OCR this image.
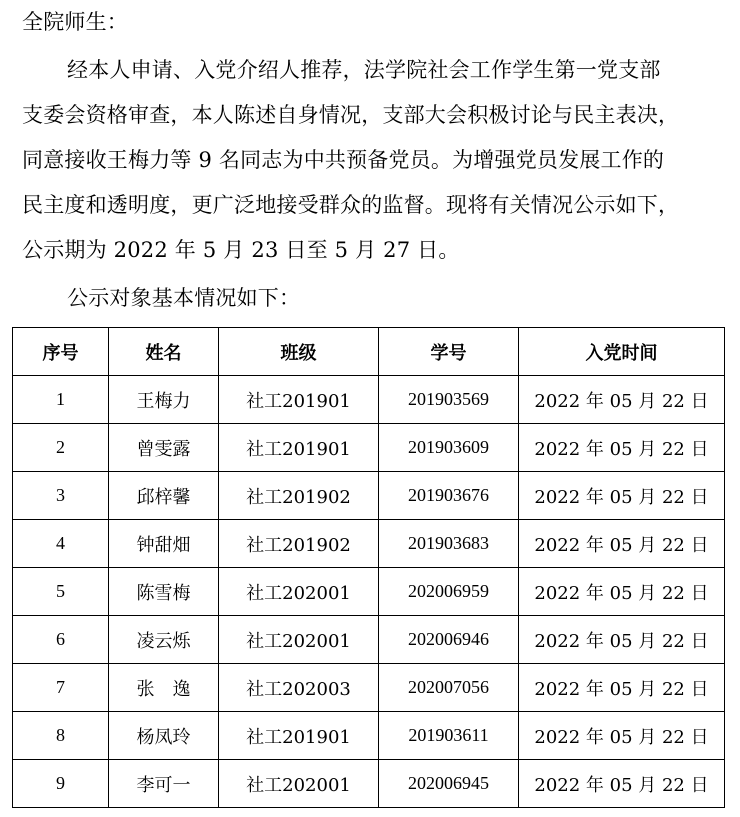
全院师生：
经本人申请、入党介绍人推荐，法学院社会工作学生第一党支部
支委会资格审查，本人陈述自身情况，支部大会积极讨论与民主表决，
同意接收王梅力等 9 名同志为中共预备党员。为增强党员发展工作的
民主度和透明度，更广泛地接受群众的监督。现将有关情况公示如下，
公示期为 2022 年 5 月 23 日至 5 月 27 日。
公示对象基本情况如下：
序号	姓名	班级	学号	入党时间
1	王梅力	社工201901	201903569	2022 年 05 月 22 日
2	曾雯露	社工201901	201903609	2022 年 05 月 22 日
3	邱梓馨	社工201902	201903676	2022 年 05 月 22 日
4	钟甜畑	社工201902	201903683	2022 年 05 月 22 日
5	陈雪梅	社工202001	202006959	2022 年 05 月 22 日
6	凌云烁	社工202001	202006946	2022 年 05 月 22 日
7	张　逸	社工202003	202007056	2022 年 05 月 22 日
8	杨凤玲	社工201901	201903611	2022 年 05 月 22 日
9	李可一	社工202001	202006945	2022 年 05 月 22 日
